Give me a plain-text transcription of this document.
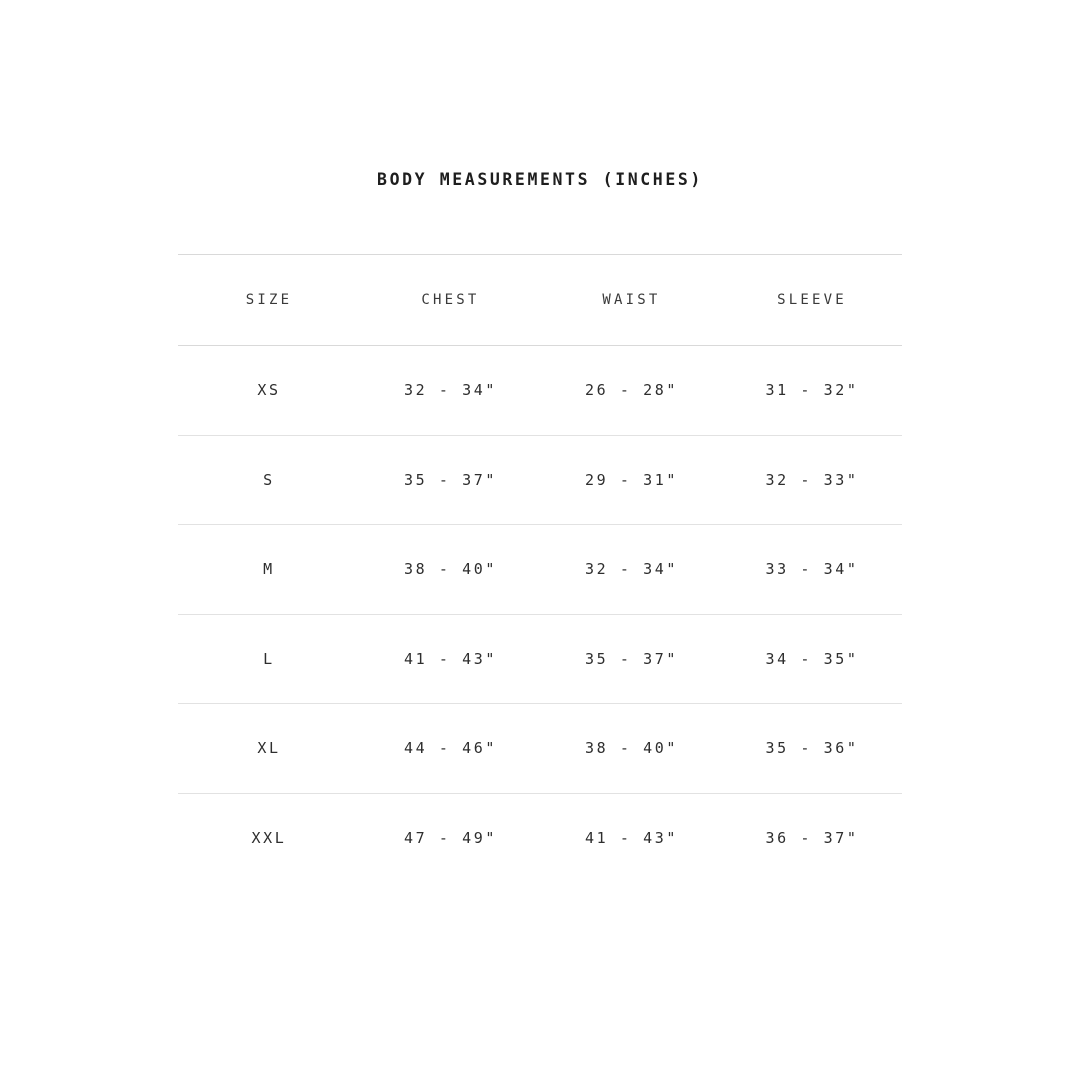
BODY MEASUREMENTS (INCHES)
SIZE	CHEST	WAIST	SLEEVE
XS	32 - 34"	26 - 28"	31 - 32"
S	35 - 37"	29 - 31"	32 - 33"
M	38 - 40"	32 - 34"	33 - 34"
L	41 - 43"	35 - 37"	34 - 35"
XL	44 - 46"	38 - 40"	35 - 36"
XXL	47 - 49"	41 - 43"	36 - 37"
